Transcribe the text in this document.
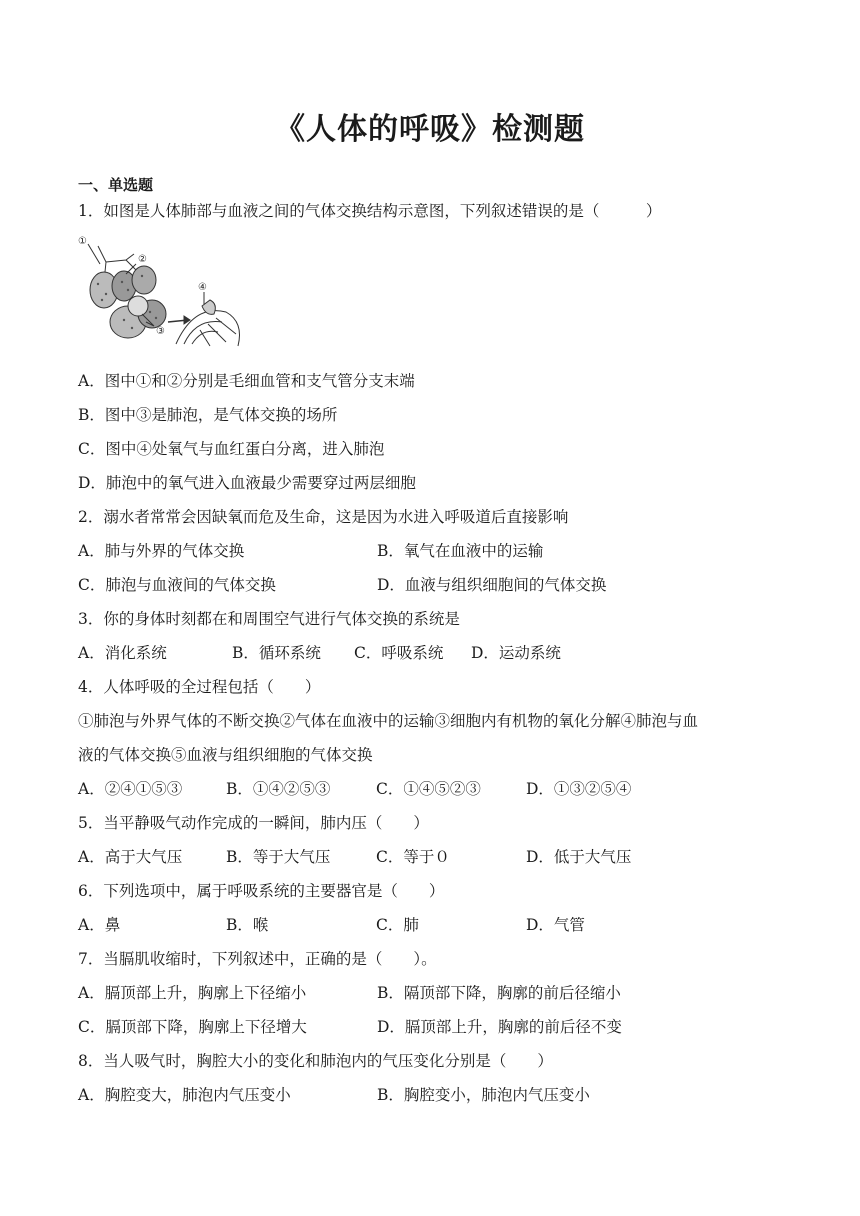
《人体的呼吸》检测题
一、单选题
1．如图是人体肺部与血液之间的气体交换结构示意图，下列叙述错误的是（　　　）
①
②
③
④
A．图中①和②分别是毛细血管和支气管分支末端
B．图中③是肺泡，是气体交换的场所
C．图中④处氧气与血红蛋白分离，进入肺泡
D．肺泡中的氧气进入血液最少需要穿过两层细胞
2．溺水者常常会因缺氧而危及生命，这是因为水进入呼吸道后直接影响
A．肺与外界的气体交换	B．氧气在血液中的运输
C．肺泡与血液间的气体交换	D．血液与组织细胞间的气体交换
3．你的身体时刻都在和周围空气进行气体交换的系统是
A．消化系统	B．循环系统 C．呼吸系统 D．运动系统
4．人体呼吸的全过程包括（　　）
①肺泡与外界气体的不断交换②气体在血液中的运输③细胞内有机物的氧化分解④肺泡与血
液的气体交换⑤血液与组织细胞的气体交换
A．②④①⑤③	B．①④②⑤③	C．①④⑤②③	D．①③②⑤④
5．当平静吸气动作完成的一瞬间，肺内压（　　）
A．高于大气压	B．等于大气压	C．等于０	D．低于大气压
6．下列选项中，属于呼吸系统的主要器官是（　　）
A．鼻	B．喉	C．肺	D．气管
7．当膈肌收缩时，下列叙述中，正确的是（　　）。
A．膈顶部上升，胸廓上下径缩小	B．隔顶部下降，胸廓的前后径缩小
C．膈顶部下降，胸廓上下径增大	D．膈顶部上升，胸廓的前后径不变
8．当人吸气时，胸腔大小的变化和肺泡内的气压变化分别是（　　）
A．胸腔变大，肺泡内气压变小	B．胸腔变小，肺泡内气压变小
